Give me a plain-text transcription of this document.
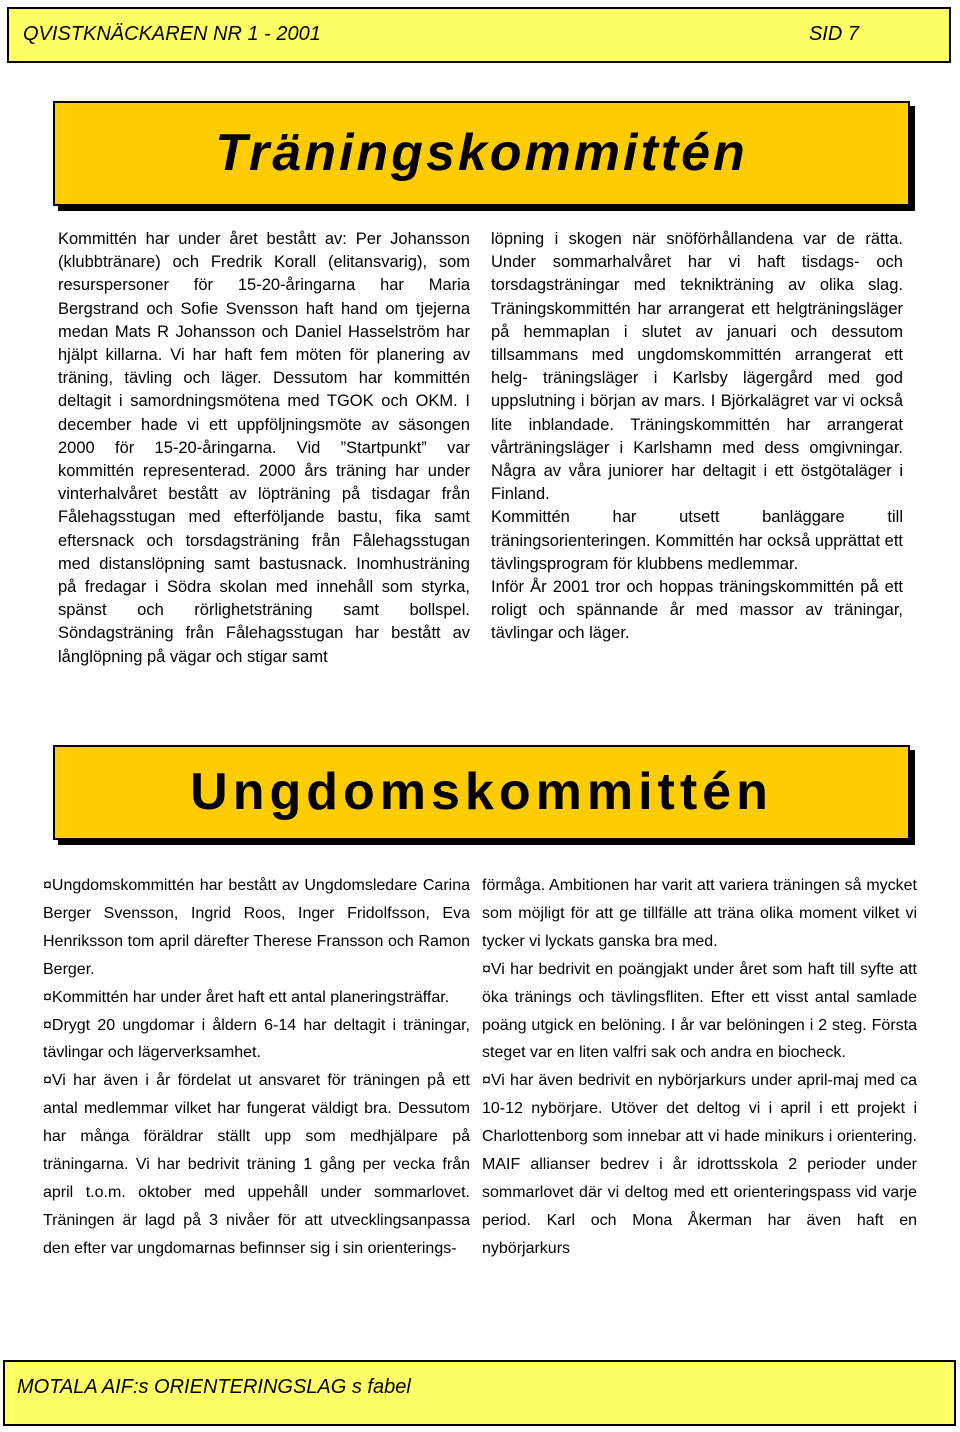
QVISTKNÄCKAREN NR 1 - 2001	SID 7
Träningskommittén

Kommittén har under året bestått av: Per Johansson (klubbtränare) och Fredrik Korall (elitansvarig), som resurspersoner för 15-20-åringarna har Maria Bergstrand och Sofie Svensson haft hand om tjejerna medan Mats R Johansson och Daniel Hasselström har hjälpt killarna. Vi har haft fem möten för planering av träning, tävling och läger. Dessutom har kommittén deltagit i samordningsmötena med TGOK och OKM. I december hade vi ett uppföljningsmöte av säsongen 2000 för 15-20-åringarna. Vid ”Startpunkt” var kommittén representerad. 2000 års träning har under vinterhalvåret bestått av löpträning på tisdagar från Fålehagsstugan med efterföljande bastu, fika samt eftersnack och torsdagsträning från Fålehagsstugan med distanslöpning samt bastusnack. Inomhusträning på fredagar i Södra skolan med innehåll som styrka, spänst och rörlighetsträning samt bollspel. Söndagsträning från Fålehagsstugan har bestått av långlöpning på vägar och stigar samt

löpning i skogen när snöförhållandena var de rätta. Under sommarhalvåret har vi haft tisdags- och torsdagsträningar med teknikträning av olika slag. Träningskommittén har arrangerat ett helgträningsläger på hemmaplan i slutet av januari och dessutom tillsammans med ungdomskommittén arrangerat ett helg- träningsläger i Karlsby lägergård med god uppslutning i början av mars. I Björkalägret var vi också lite inblandade. Träningskommittén har arrangerat vårträningsläger i Karlshamn med dess omgivningar. Några av våra juniorer har deltagit i ett östgötaläger i Finland.

Kommittén har utsett banläggare till träningsorienteringen. Kommittén har också upprättat ett tävlingsprogram för klubbens medlemmar.

Inför År 2001 tror och hoppas träningskommittén på ett roligt och spännande år med massor av träningar, tävlingar och läger.

Ungdomskommittén

¤Ungdomskommittén har bestått av Ungdomsledare Carina Berger Svensson, Ingrid Roos, Inger Fridolfsson, Eva Henriksson tom april därefter Therese Fransson och Ramon Berger.

¤Kommittén har under året haft ett antal planeringsträffar.

¤Drygt 20 ungdomar i åldern 6-14 har deltagit i träningar, tävlingar och lägerverksamhet.

¤Vi har även i år fördelat ut ansvaret för träningen på ett antal medlemmar vilket har fungerat väldigt bra. Dessutom har många föräldrar ställt upp som medhjälpare på träningarna. Vi har bedrivit träning 1 gång per vecka från april t.o.m. oktober med uppehåll under sommarlovet. Träningen är lagd på 3 nivåer för att utvecklingsanpassa den efter var ungdomarnas befinnser sig i sin orienterings-

förmåga. Ambitionen har varit att variera träningen så mycket som möjligt för att ge tillfälle att träna olika moment vilket vi tycker vi lyckats ganska bra med.

¤Vi har bedrivit en poängjakt under året som haft till syfte att öka tränings och tävlingsfliten. Efter ett visst antal samlade poäng utgick en belöning. I år var belöningen i 2 steg. Första steget var en liten valfri sak och andra en biocheck.

¤Vi har även bedrivit en nybörjarkurs under april-maj med ca 10-12 nybörjare. Utöver det deltog vi i april i ett projekt i Charlottenborg som innebar att vi hade minikurs i orientering. MAIF allianser bedrev i år idrottsskola 2 perioder under sommarlovet där vi deltog med ett orienteringspass vid varje period. Karl och Mona Åkerman har även haft en nybörjarkurs

MOTALA AIF:s ORIENTERINGSLAG s fabel
